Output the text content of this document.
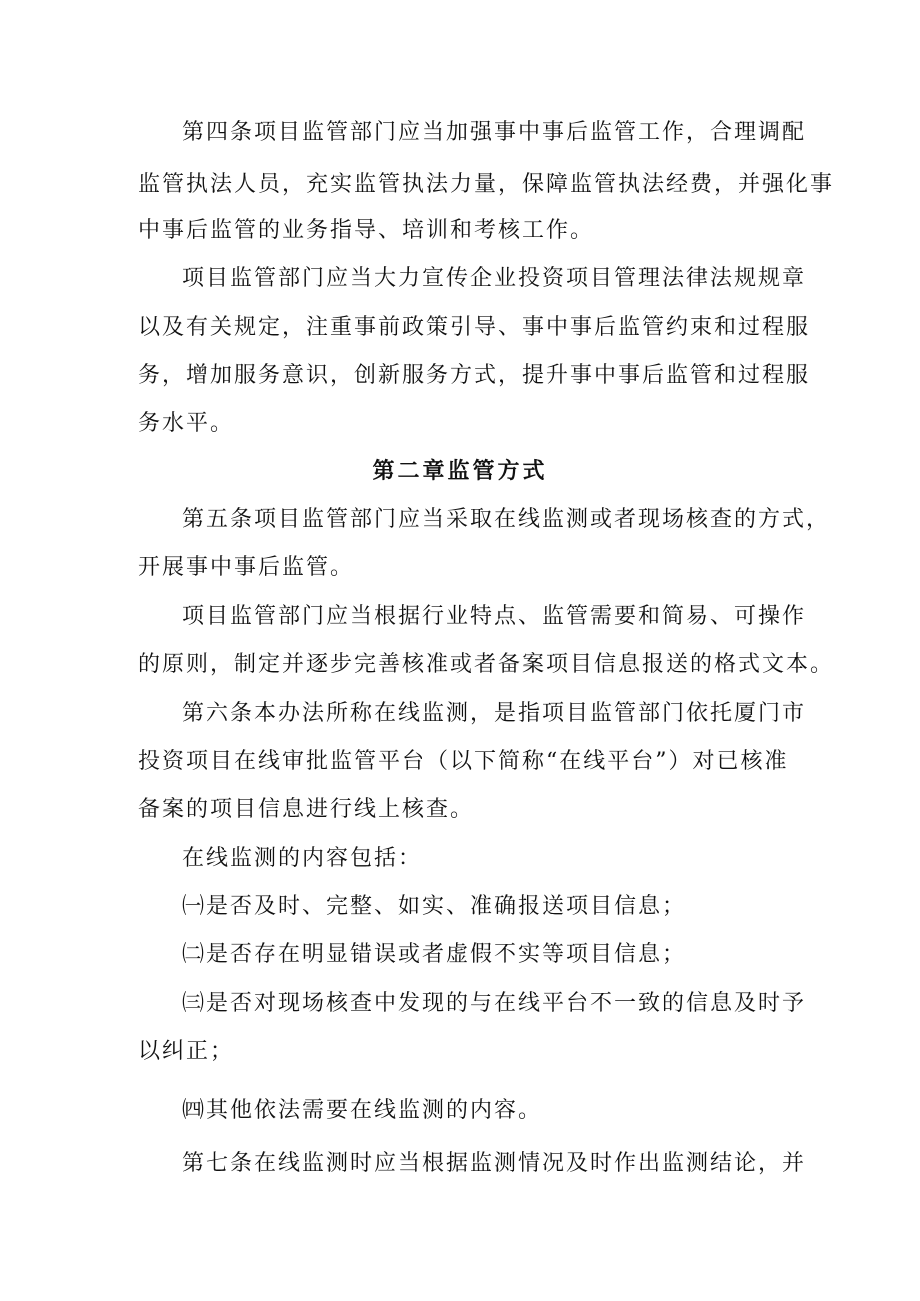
第四条项目监管部门应当加强事中事后监管工作，合理调配
监管执法人员，充实监管执法力量，保障监管执法经费，并强化事
中事后监管的业务指导、培训和考核工作。
项目监管部门应当大力宣传企业投资项目管理法律法规规章
以及有关规定，注重事前政策引导、事中事后监管约束和过程服
务，增加服务意识，创新服务方式，提升事中事后监管和过程服
务水平。
第二章监管方式
第五条项目监管部门应当采取在线监测或者现场核查的方式，
开展事中事后监管。
项目监管部门应当根据行业特点、监管需要和简易、可操作
的原则，制定并逐步完善核准或者备案项目信息报送的格式文本。
第六条本办法所称在线监测，是指项目监管部门依托厦门市
投资项目在线审批监管平台（以下简称“在线平台”）对已核准
备案的项目信息进行线上核查。
在线监测的内容包括：
㈠是否及时、完整、如实、准确报送项目信息；
㈡是否存在明显错误或者虚假不实等项目信息；
㈢是否对现场核查中发现的与在线平台不一致的信息及时予
以纠正；
㈣其他依法需要在线监测的内容。
第七条在线监测时应当根据监测情况及时作出监测结论，并
